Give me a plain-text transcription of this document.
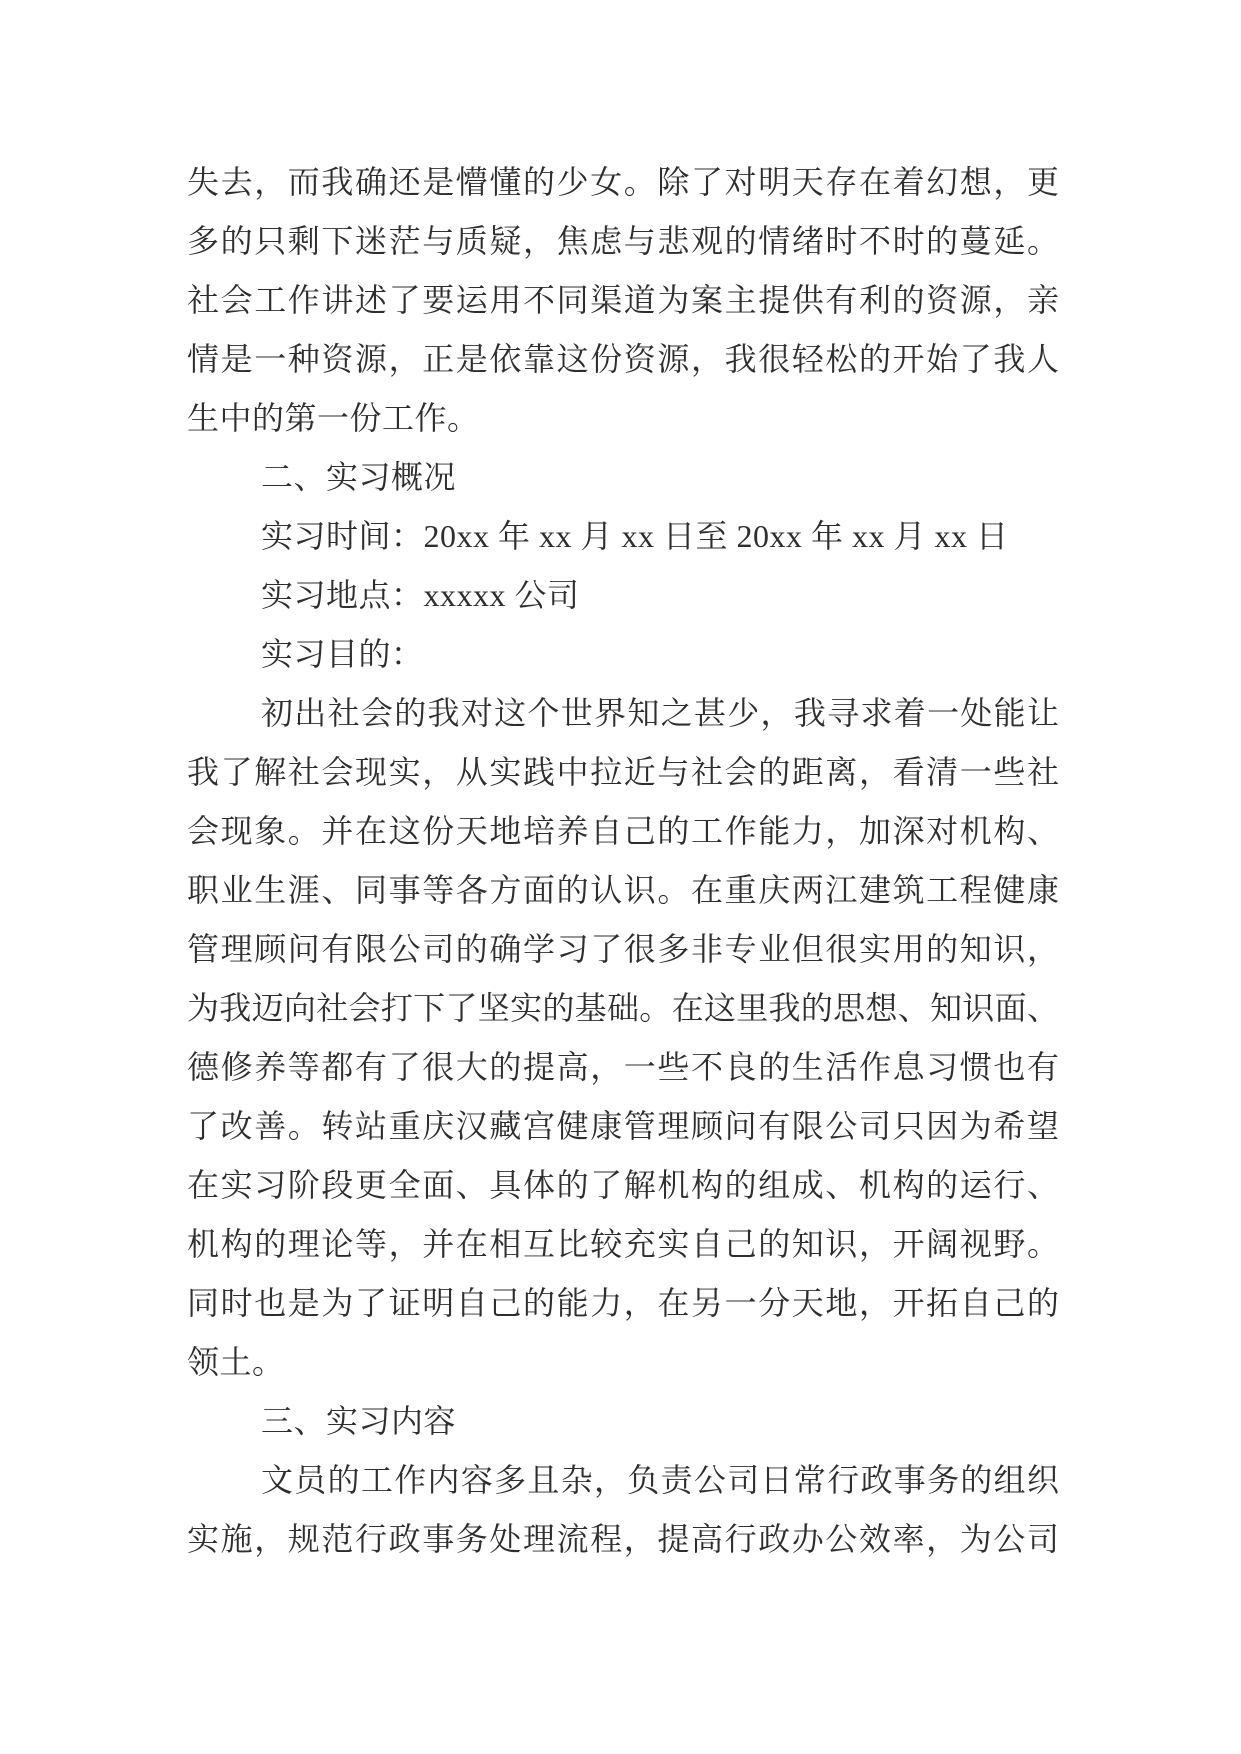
失去，而我确还是懵懂的少女。除了对明天存在着幻想，更
多的只剩下迷茫与质疑，焦虑与悲观的情绪时不时的蔓延。
社会工作讲述了要运用不同渠道为案主提供有利的资源，亲
情是一种资源，正是依靠这份资源，我很轻松的开始了我人
生中的第一份工作。
二、实习概况
实习时间：20xx 年 xx 月 xx 日至 20xx 年 xx 月 xx 日
实习地点：xxxxx 公司
实习目的：
初出社会的我对这个世界知之甚少，我寻求着一处能让
我了解社会现实，从实践中拉近与社会的距离，看清一些社
会现象。并在这份天地培养自己的工作能力，加深对机构、
职业生涯、同事等各方面的认识。在重庆两江建筑工程健康
管理顾问有限公司的确学习了很多非专业但很实用的知识，
为我迈向社会打下了坚实的基础。在这里我的思想、知识面、
德修养等都有了很大的提高，一些不良的生活作息习惯也有
了改善。转站重庆汉藏宫健康管理顾问有限公司只因为希望
在实习阶段更全面、具体的了解机构的组成、机构的运行、
机构的理论等，并在相互比较充实自己的知识，开阔视野。
同时也是为了证明自己的能力，在另一分天地，开拓自己的
领土。
三、实习内容
文员的工作内容多且杂，负责公司日常行政事务的组织
实施，规范行政事务处理流程，提高行政办公效率，为公司
